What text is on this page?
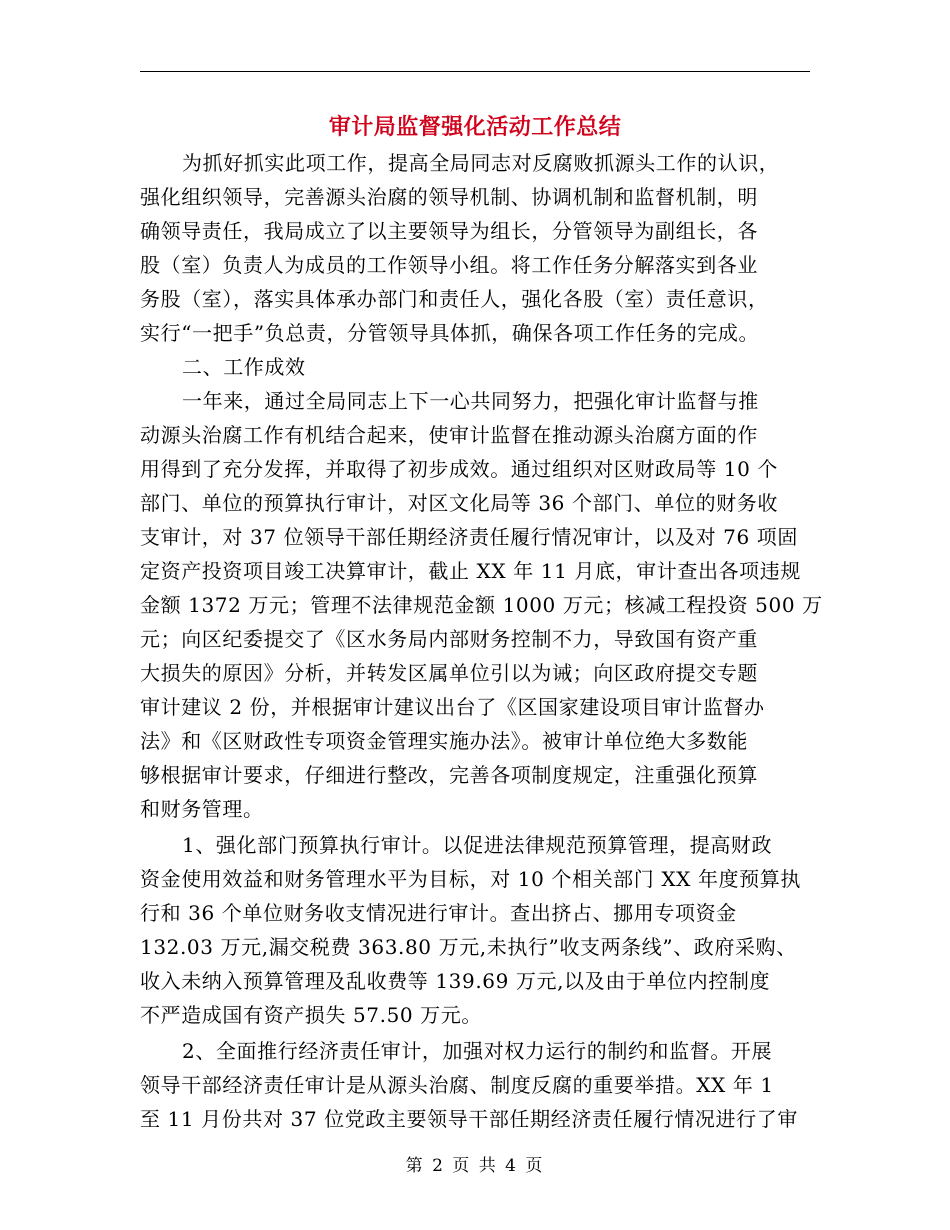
审计局监督强化活动工作总结
为抓好抓实此项工作，提高全局同志对反腐败抓源头工作的认识，
强化组织领导，完善源头治腐的领导机制、协调机制和监督机制，明
确领导责任，我局成立了以主要领导为组长，分管领导为副组长，各
股（室）负责人为成员的工作领导小组。将工作任务分解落实到各业
务股（室），落实具体承办部门和责任人，强化各股（室）责任意识，
实行“一把手”负总责，分管领导具体抓，确保各项工作任务的完成。
二、工作成效
一年来，通过全局同志上下一心共同努力，把强化审计监督与推
动源头治腐工作有机结合起来，使审计监督在推动源头治腐方面的作
用得到了充分发挥，并取得了初步成效。通过组织对区财政局等 10 个
部门、单位的预算执行审计，对区文化局等 36 个部门、单位的财务收
支审计，对 37 位领导干部任期经济责任履行情况审计，以及对 76 项固
定资产投资项目竣工决算审计，截止 XX 年 11 月底，审计查出各项违规
金额 1372 万元；管理不法律规范金额 1000 万元；核减工程投资 500 万
元；向区纪委提交了《区水务局内部财务控制不力，导致国有资产重
大损失的原因》分析，并转发区属单位引以为诫；向区政府提交专题
审计建议 2 份，并根据审计建议出台了《区国家建设项目审计监督办
法》和《区财政性专项资金管理实施办法》。被审计单位绝大多数能
够根据审计要求，仔细进行整改，完善各项制度规定，注重强化预算
和财务管理。
1、强化部门预算执行审计。以促进法律规范预算管理，提高财政
资金使用效益和财务管理水平为目标，对 10 个相关部门 XX 年度预算执
行和 36 个单位财务收支情况进行审计。查出挤占、挪用专项资金
132.03 万元,漏交税费 363.80 万元,未执行”收支两条线”、政府采购、
收入未纳入预算管理及乱收费等 139.69 万元,以及由于单位内控制度
不严造成国有资产损失 57.50 万元。
2、全面推行经济责任审计，加强对权力运行的制约和监督。开展
领导干部经济责任审计是从源头治腐、制度反腐的重要举措。XX 年 1
至 11 月份共对 37 位党政主要领导干部任期经济责任履行情况进行了审
第 2 页 共 4 页
